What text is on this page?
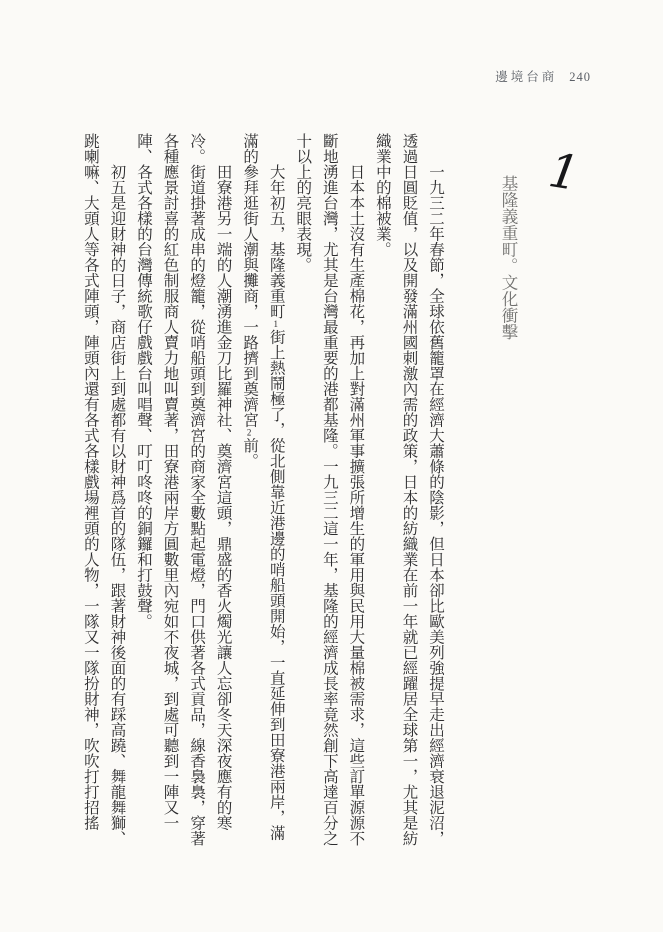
邊境台商 240
1
基隆義重町。文化衝擊

一九三二年春節，全球依舊籠罩在經濟大蕭條的陰影，但日本卻比歐美列強提早走出經濟衰退泥沼，透過日圓貶值，以及開發滿州國刺激內需的政策，日本的紡織業在前一年就已經躍居全球第一，尤其是紡織業中的棉被業。

日本本土沒有生產棉花，再加上對滿州軍事擴張所增生的軍用與民用大量棉被需求，這些訂單源源不斷地湧進台灣，尤其是台灣最重要的港都基隆。一九三二這一年，基隆的經濟成長率竟然創下高達百分之十以上的亮眼表現。

大年初五，基隆義重町1街上熱鬧極了，從北側靠近港邊的哨船頭開始，一直延伸到田寮港兩岸，滿滿的參拜逛街人潮與攤商，一路擠到奠濟宮2前。

田寮港另一端的人潮湧進金刀比羅神社、奠濟宮這頭，鼎盛的香火燭光讓人忘卻冬天深夜應有的寒冷。街道掛著成串的燈籠，從哨船頭到奠濟宮的商家全數點起電燈，門口供著各式貢品，線香裊裊，穿著各種應景討喜的紅色制服商人賣力地叫賣著，田寮港兩岸方圓數里內宛如不夜城，到處可聽到一陣又一陣、各式各樣的台灣傳統歌仔戲戲台叫唱聲、叮叮咚咚的銅鑼和打鼓聲。

初五是迎財神的日子，商店街上到處都有以財神爲首的隊伍，跟著財神後面的有踩高蹺、舞龍舞獅、跳喇嘛、大頭人等各式陣頭，陣頭內還有各式各樣戲場裡頭的人物，一隊又一隊扮財神，吹吹打打招搖
